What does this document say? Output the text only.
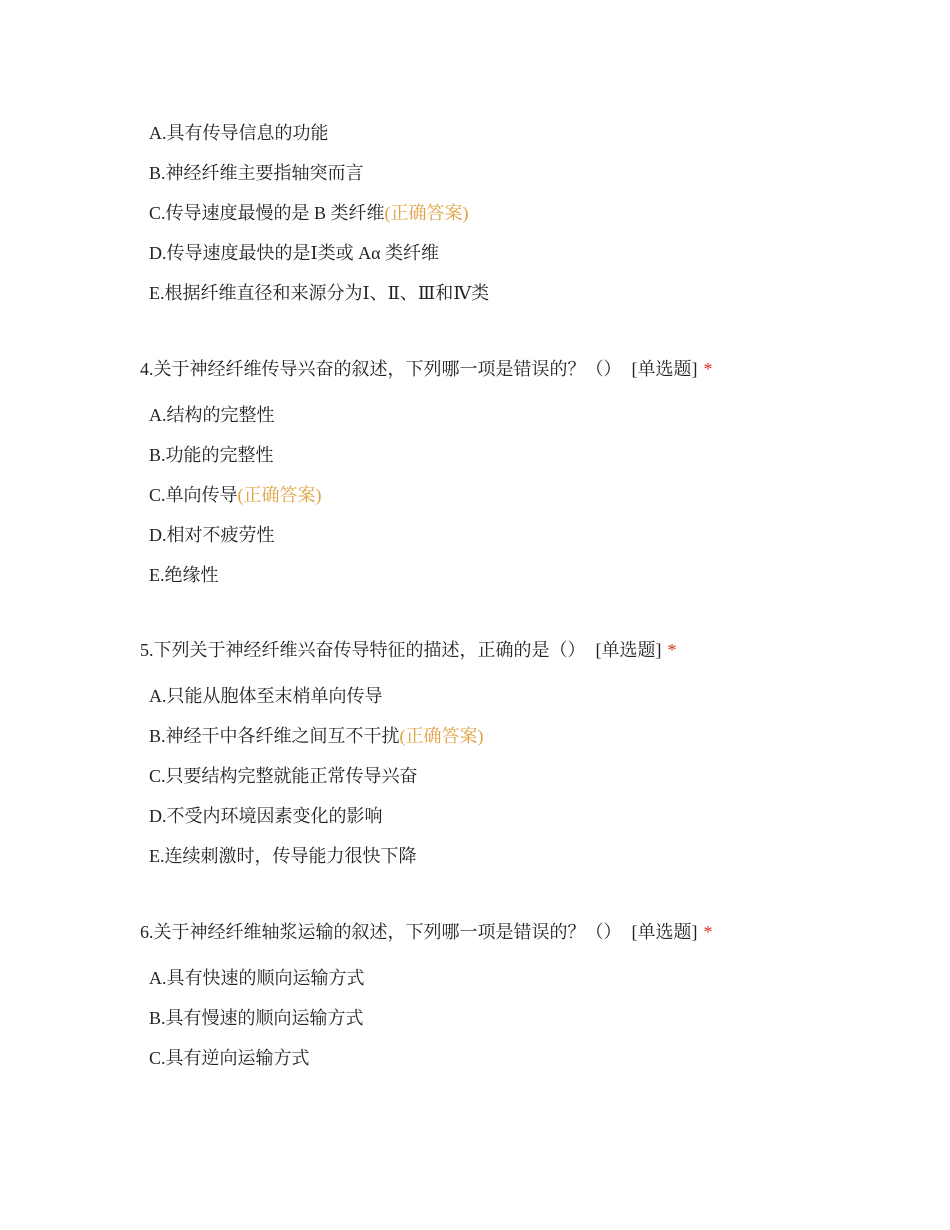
A.具有传导信息的功能
B.神经纤维主要指轴突而言
C.传导速度最慢的是 B 类纤维(正确答案)
D.传导速度最快的是Ⅰ类或 Aα 类纤维
E.根据纤维直径和来源分为Ⅰ、Ⅱ、Ⅲ和Ⅳ类
4.关于神经纤维传导兴奋的叙述，下列哪一项是错误的？（） [单选题] *
A.结构的完整性
B.功能的完整性
C.单向传导(正确答案)
D.相对不疲劳性
E.绝缘性
5.下列关于神经纤维兴奋传导特征的描述，正确的是（） [单选题] *
A.只能从胞体至末梢单向传导
B.神经干中各纤维之间互不干扰(正确答案)
C.只要结构完整就能正常传导兴奋
D.不受内环境因素变化的影响
E.连续刺激时，传导能力很快下降
6.关于神经纤维轴浆运输的叙述，下列哪一项是错误的？（） [单选题] *
A.具有快速的顺向运输方式
B.具有慢速的顺向运输方式
C.具有逆向运输方式
